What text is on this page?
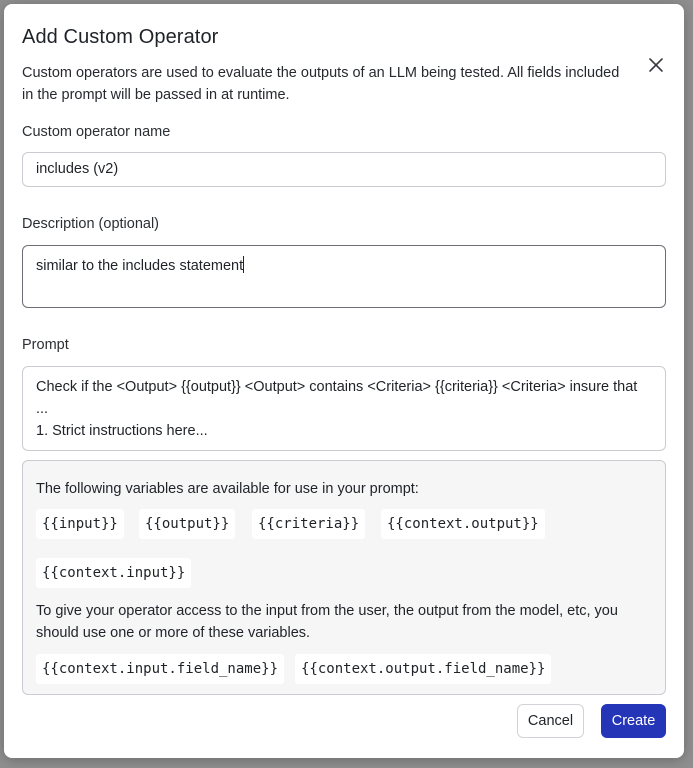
Add Custom Operator
Custom operators are used to evaluate the outputs of an LLM being tested. All fields included in the prompt will be passed in at runtime.
Custom operator name
includes (v2)
Description (optional)
similar to the includes statement
Prompt
Check if the <Output> {{output}} <Output> contains <Criteria> {{criteria}} <Criteria> insure that ...
1. Strict instructions here...
The following variables are available for use in your prompt:
{{input}}	{{output}}	{{criteria}}	{{context.output}}
{{context.input}}
To give your operator access to the input from the user, the output from the model, etc, you should use one or more of these variables.
{{context.input.field_name}}	{{context.output.field_name}}
Cancel	Create
